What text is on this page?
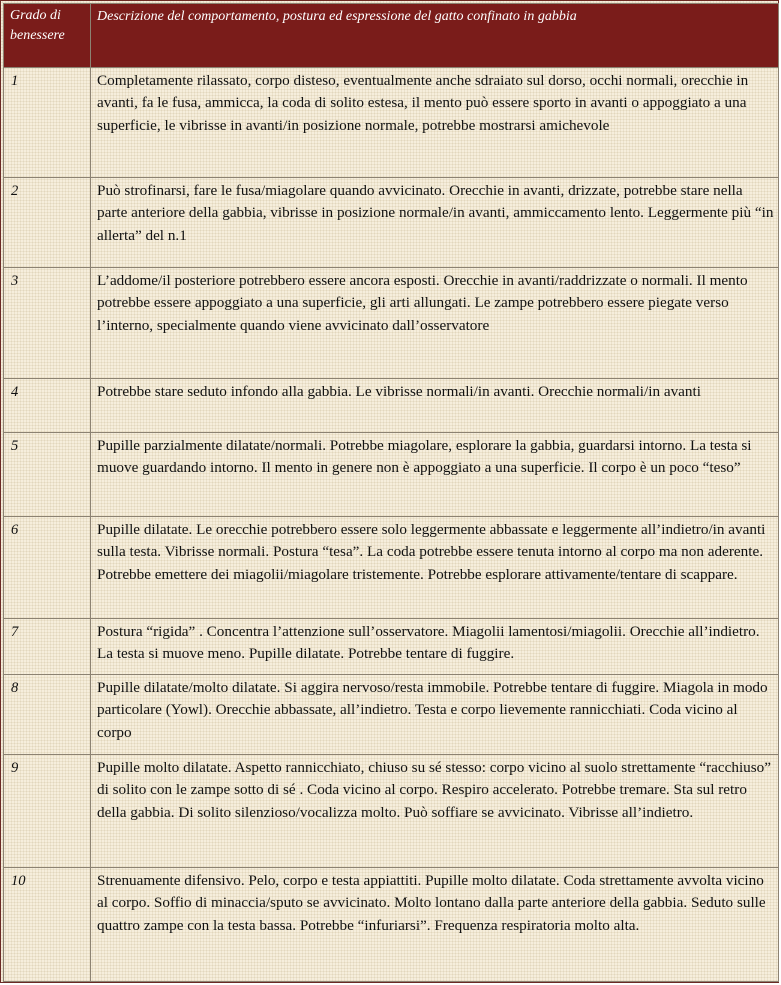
Grado di benessere	Descrizione del comportamento, postura ed espressione del gatto confinato in gabbia
1	Completamente rilassato, corpo disteso, eventualmente anche sdraiato sul dorso, occhi normali, orecchie in avanti, fa le fusa, ammicca, la coda di solito estesa, il mento può essere sporto in avanti o appoggiato a una superficie, le vibrisse in avanti/in posizione normale, potrebbe mostrarsi amichevole
2	Può strofinarsi, fare le fusa/miagolare quando avvicinato. Orecchie in avanti, drizzate, potrebbe stare nella parte anteriore della gabbia, vibrisse in posizione normale/in avanti, ammiccamento lento. Leggermente più “in allerta” del n.1
3	L’addome/il posteriore potrebbero essere ancora esposti. Orecchie in avanti/raddrizzate o normali. Il mento potrebbe essere appoggiato a una superficie, gli arti allungati. Le zampe potrebbero essere piegate verso l’interno, specialmente quando viene avvicinato dall’osservatore
4	Potrebbe stare seduto infondo alla gabbia. Le vibrisse normali/in avanti. Orecchie normali/in avanti
5	Pupille parzialmente dilatate/normali. Potrebbe miagolare, esplorare la gabbia, guardarsi intorno. La testa si muove guardando intorno. Il mento in genere non è appoggiato a una superficie. Il corpo è un poco “teso”
6	Pupille dilatate. Le orecchie potrebbero essere solo leggermente abbassate e leggermente all’indietro/in avanti sulla testa. Vibrisse normali. Postura “tesa”. La coda potrebbe essere tenuta intorno al corpo ma non aderente. Potrebbe emettere dei miagolii/miagolare tristemente. Potrebbe esplorare attivamente/tentare di scappare.
7	Postura “rigida” . Concentra l’attenzione sull’osservatore. Miagolii lamentosi/miagolii. Orecchie all’indietro. La testa si muove meno. Pupille dilatate. Potrebbe tentare di fuggire.
8	Pupille dilatate/molto dilatate. Si aggira nervoso/resta immobile. Potrebbe tentare di fuggire. Miagola in modo particolare (Yowl). Orecchie abbassate, all’indietro. Testa e corpo lievemente rannicchiati. Coda vicino al corpo
9	Pupille molto dilatate. Aspetto rannicchiato, chiuso su sé stesso: corpo vicino al suolo strettamente “racchiuso” di solito con le zampe sotto di sé . Coda vicino al corpo. Respiro accelerato. Potrebbe tremare. Sta sul retro della gabbia. Di solito silenzioso/vocalizza molto. Può soffiare se avvicinato. Vibrisse all’indietro.
10	Strenuamente difensivo. Pelo, corpo e testa appiattiti. Pupille molto dilatate. Coda strettamente avvolta vicino al corpo. Soffio di minaccia/sputo se avvicinato. Molto lontano dalla parte anteriore della gabbia. Seduto sulle quattro zampe con la testa bassa. Potrebbe “infuriarsi”. Frequenza respiratoria molto alta.
